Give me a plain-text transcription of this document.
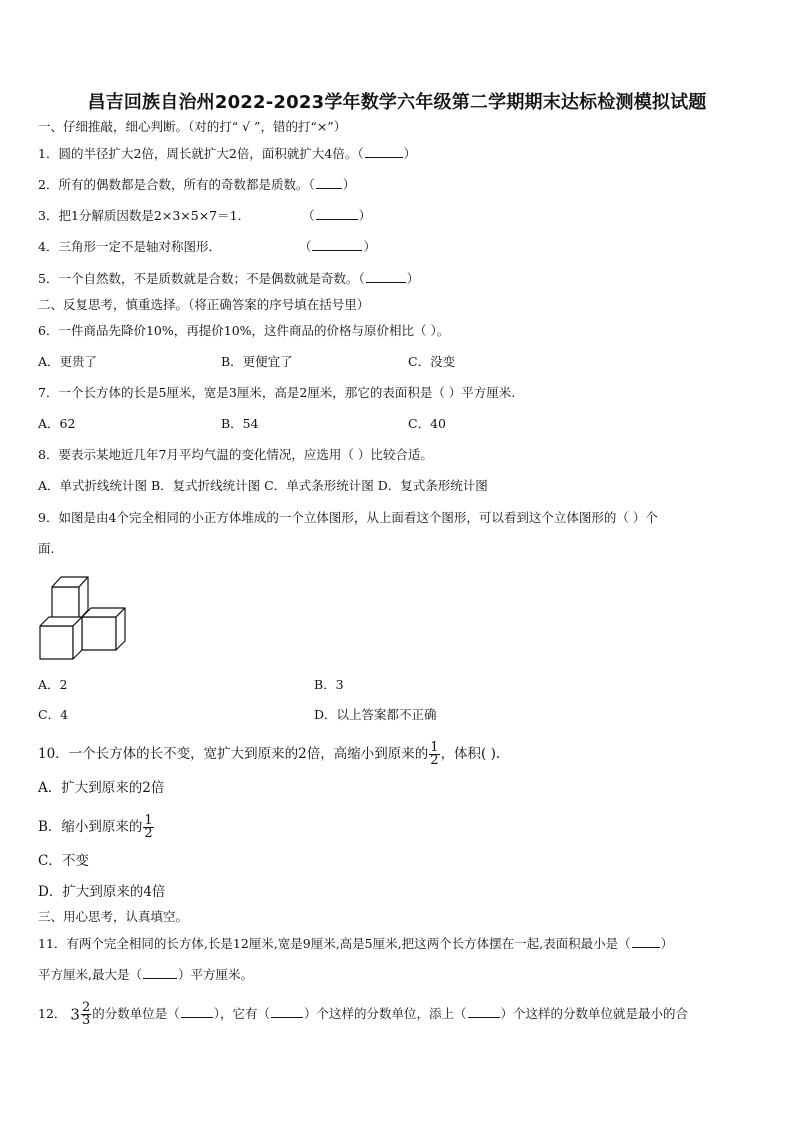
昌吉回族自治州2022-2023学年数学六年级第二学期期末达标检测模拟试题
一、仔细推敲，细心判断。（对的打“ √ ”，错的打“×”）
1．圆的半径扩大2倍，周长就扩大2倍，面积就扩大4倍。（	）
2．所有的偶数都是合数，所有的奇数都是质数。（ ）
3．把1分解质因数是2×3×5×7＝1．	（	）
4．三角形一定不是轴对称图形．	（	）
5．一个自然数，不是质数就是合数；不是偶数就是奇数。（	）
二、反复思考，慎重选择。（将正确答案的序号填在括号里）
6．一件商品先降价10%，再提价10%，这件商品的价格与原价相比（ ）。
A．更贵了	B．更便宜了	C．没变
7．一个长方体的长是5厘米，宽是3厘米，高是2厘米，那它的表面积是（ ）平方厘米.
A．62	B．54	C．40
8．要表示某地近几年7月平均气温的变化情况，应选用（ ）比较合适。
A．单式折线统计图 B．复式折线统计图 C．单式条形统计图 D．复式条形统计图
9．如图是由4个完全相同的小正方体堆成的一个立体图形，从上面看这个图形，可以看到这个立体图形的（ ）个
面.
A．2	B．3
C．4	D．以上答案都不正确
10．一个长方体的长不变，宽扩大到原来的2倍，高缩小到原来的 $\frac{1}{2}$ ，体积( ).
A．扩大到原来的2倍
B．缩小到原来的 $\frac{1}{2}$
C．不变
D．扩大到原来的4倍
三、用心思考，认真填空。
11．有两个完全相同的长方体,长是12厘米,宽是9厘米,高是5厘米,把这两个长方体摆在一起,表面积最小是（ ）
平方厘米,最大是（	）平方厘米。
12． $3 \frac{2}{3}$ 的分数单位是（	），它有（	）个这样的分数单位，添上（	）个这样的分数单位就是最小的合
